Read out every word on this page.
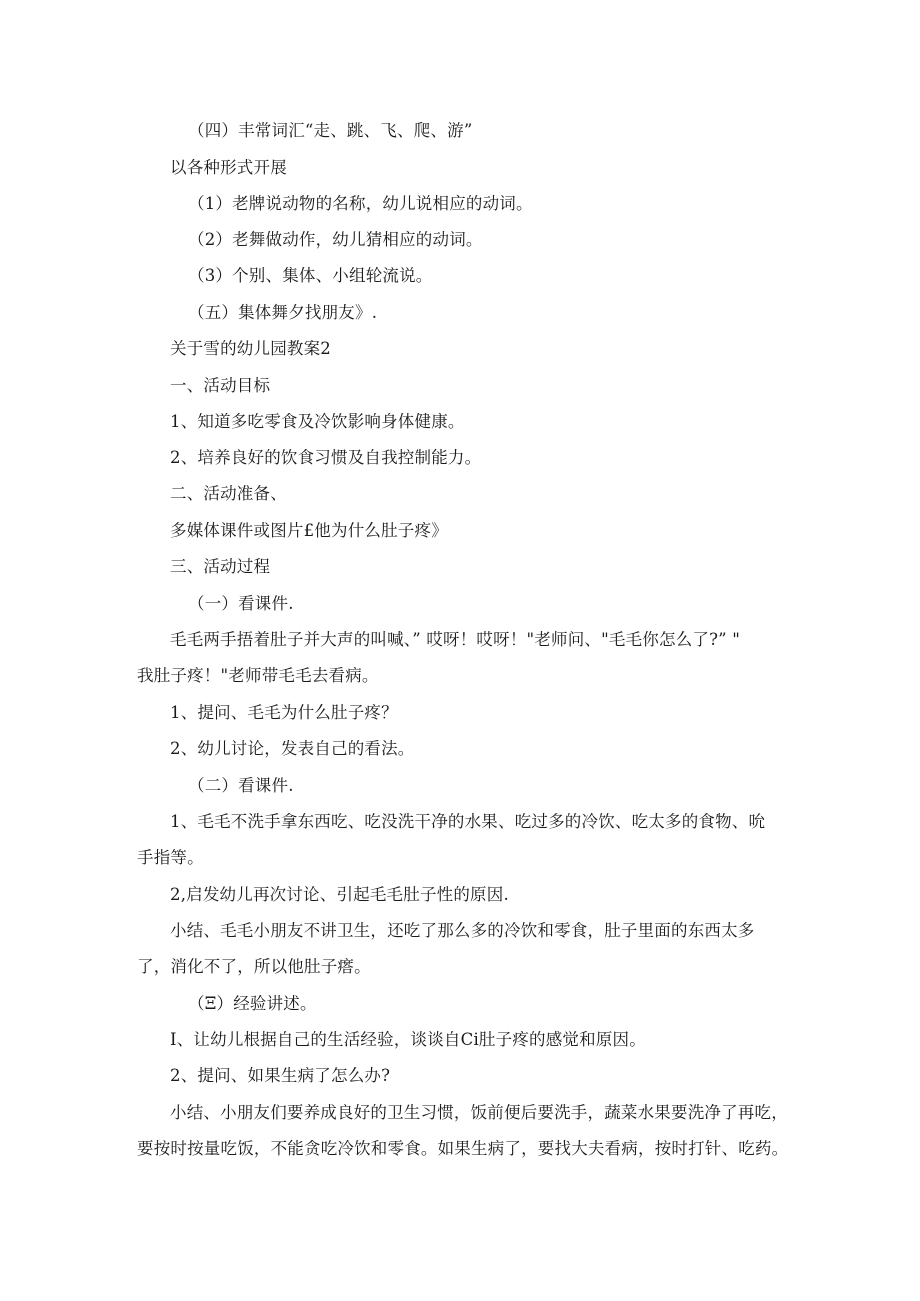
（四）丰常词汇“走、跳、飞、爬、游”
以各种形式开展
（1）老牌说动物的名称，幼儿说相应的动词。
（2）老舞做动作，幼儿猜相应的动词。
（3）个别、集体、小组轮流说。
（五）集体舞夕找朋友》.
关于雪的幼儿园教案2
一、活动目标
1、知道多吃零食及冷饮影响身体健康。
2、培养良好的饮食习惯及自我控制能力。
二、活动准备、
多媒体课件或图片£他为什么肚子疼》
三、活动过程
（一）看课件.
毛毛两手捂着肚子并大声的叫喊、” 哎呀！哎呀！"老师问、"毛毛你怎么了?” "
我肚子疼！"老师带毛毛去看病。
1、提问、毛毛为什么肚子疼？
2、幼儿讨论，发表自己的看法。
（二）看课件.
1、毛毛不洗手拿东西吃、吃没洗干净的水果、吃过多的冷饮、吃太多的食物、吮
手指等。
2,启发幼儿再次讨论、引起毛毛肚子性的原因.
小结、毛毛小朋友不讲卫生，还吃了那么多的冷饮和零食，肚子里面的东西太多
了，消化不了，所以他肚子瘩。
（Ξ）经验讲述。
I、让幼儿根据自己的生活经验，谈谈自Ci肚子疼的感觉和原因。
2、提问、如果生病了怎么办?
小结、小朋友们要养成良好的卫生习惯，饭前便后要洗手，蔬菜水果要洗净了再吃，
要按时按量吃饭，不能贪吃冷饮和零食。如果生病了，要找大夫看病，按时打针、吃药。
